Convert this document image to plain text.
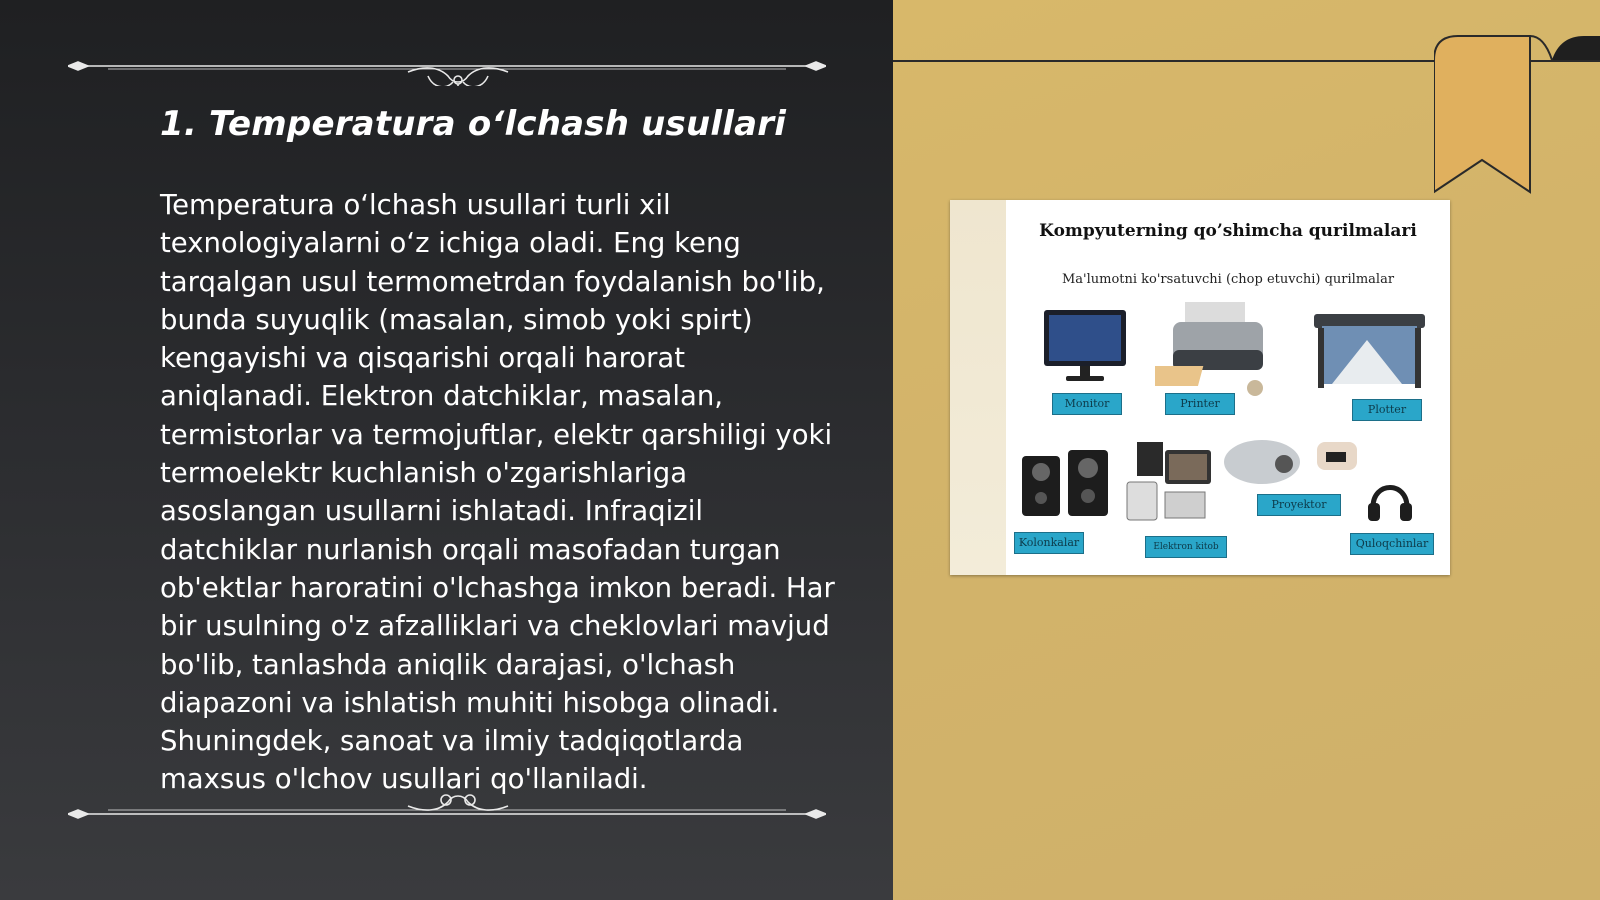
1. Temperatura o‘lchash usullari

Temperatura o‘lchash usullari turli xil texnologiyalarni o‘z ichiga oladi. Eng keng tarqalgan usul termometrdan foydalanish bo'lib, bunda suyuqlik (masalan, simob yoki spirt) kengayishi va qisqarishi orqali harorat aniqlanadi. Elektron datchiklar, masalan, termistorlar va termojuftlar, elektr qarshiligi yoki termoelektr kuchlanish o'zgarishlariga asoslangan usullarni ishlatadi. Infraqizil datchiklar nurlanish orqali masofadan turgan ob'ektlar haroratini o'lchashga imkon beradi. Har bir usulning o'z afzalliklari va cheklovlari mavjud bo'lib, tanlashda aniqlik darajasi, o'lchash diapazoni va ishlatish muhiti hisobga olinadi. Shuningdek, sanoat va ilmiy tadqiqotlarda maxsus o'lchov usullari qo'llaniladi.

Kompyuterning qo’shimcha qurilmalari
Ma'lumotni ko'rsatuvchi (chop etuvchi) qurilmalar
Monitor	Printer	Plotter
Kolonkalar	Elektron kitob
Proyektor
Quloqchinlar
